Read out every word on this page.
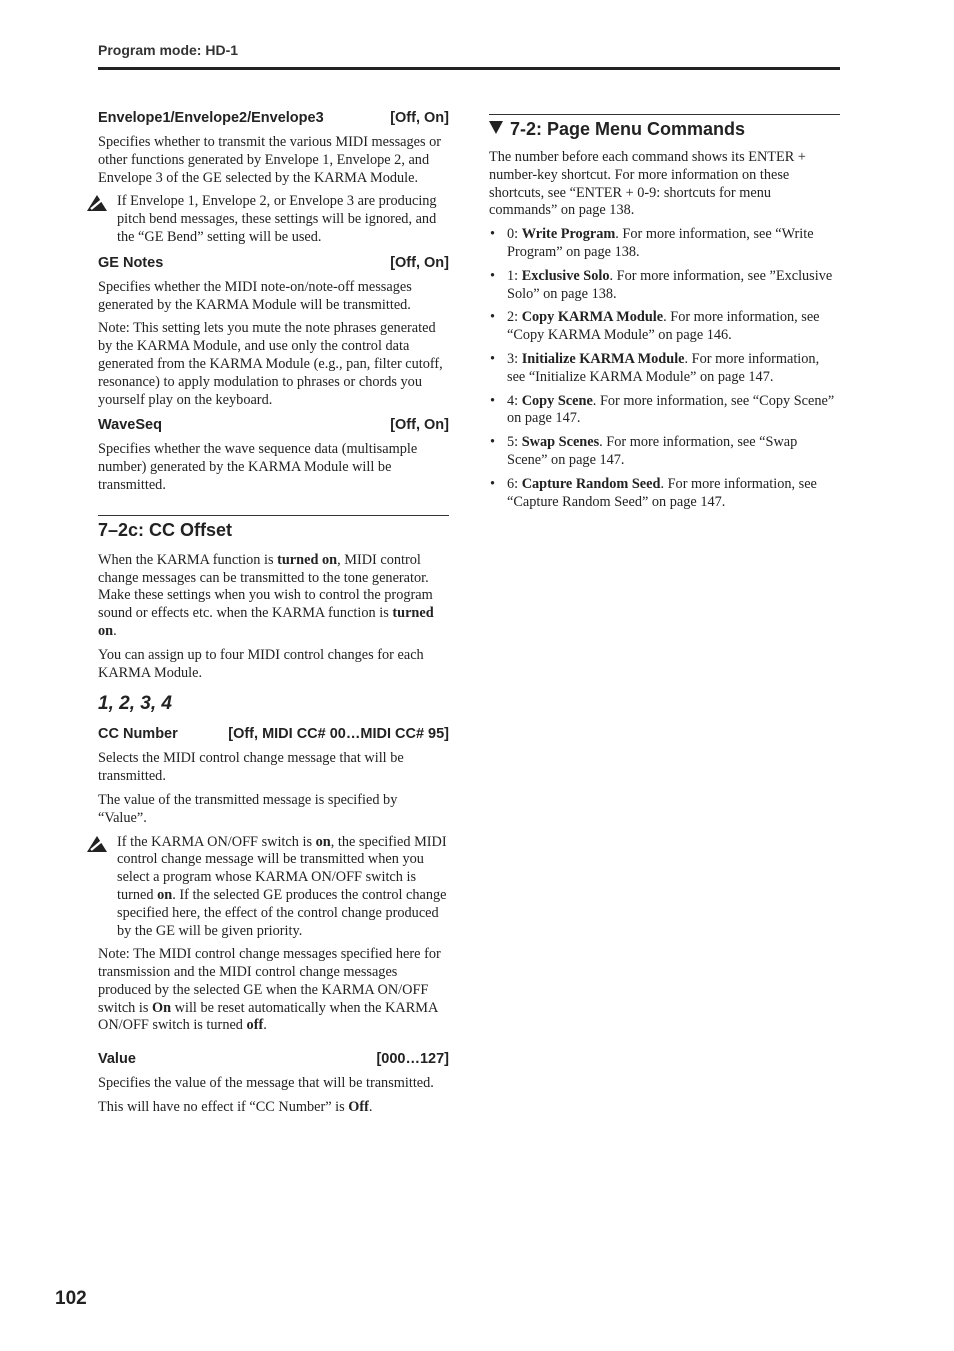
Program mode: HD-1
Envelope1/Envelope2/Envelope3	[Off, On]

Specifies whether to transmit the various MIDI messages or other functions generated by Envelope 1, Envelope 2, and Envelope 3 of the GE selected by the KARMA Module.

If Envelope 1, Envelope 2, or Envelope 3 are producing pitch bend messages, these settings will be ignored, and the “GE Bend” setting will be used.

GE Notes	[Off, On]

Specifies whether the MIDI note-on/note-off messages generated by the KARMA Module will be transmitted.

Note: This setting lets you mute the note phrases generated by the KARMA Module, and use only the control data generated from the KARMA Module (e.g., pan, filter cutoff, resonance) to apply modulation to phrases or chords you yourself play on the keyboard.

WaveSeq	[Off, On]

Specifies whether the wave sequence data (multisample number) generated by the KARMA Module will be transmitted.

7–2c: CC Offset

When the KARMA function is turned on, MIDI control change messages can be transmitted to the tone generator. Make these settings when you wish to control the program sound or effects etc. when the KARMA function is turned on.

You can assign up to four MIDI control changes for each KARMA Module.

1, 2, 3, 4
CC Number	[Off, MIDI CC# 00…MIDI CC# 95]

Selects the MIDI control change message that will be transmitted.

The value of the transmitted message is specified by “Value”.

If the KARMA ON/OFF switch is on, the specified MIDI control change message will be transmitted when you select a program whose KARMA ON/OFF switch is turned on. If the selected GE produces the control change specified here, the effect of the control change produced by the GE will be given priority.

Note: The MIDI control change messages specified here for transmission and the MIDI control change messages produced by the selected GE when the KARMA ON/OFF switch is On will be reset automatically when the KARMA ON/OFF switch is turned off.

Value	[000…127]

Specifies the value of the message that will be transmitted.

This will have no effect if “CC Number” is Off.

7-2: Page Menu Commands

The number before each command shows its ENTER + number-key shortcut. For more information on these shortcuts, see “ENTER + 0-9: shortcuts for menu commands” on page 138.

• 0: Write Program. For more information, see “Write Program” on page 138.
• 1: Exclusive Solo. For more information, see ”Exclusive Solo” on page 138.
• 2: Copy KARMA Module. For more information, see “Copy KARMA Module” on page 146.
• 3: Initialize KARMA Module. For more information, see “Initialize KARMA Module” on page 147.
• 4: Copy Scene. For more information, see “Copy Scene” on page 147.
• 5: Swap Scenes. For more information, see “Swap Scene” on page 147.
• 6: Capture Random Seed. For more information, see “Capture Random Seed” on page 147.
102
